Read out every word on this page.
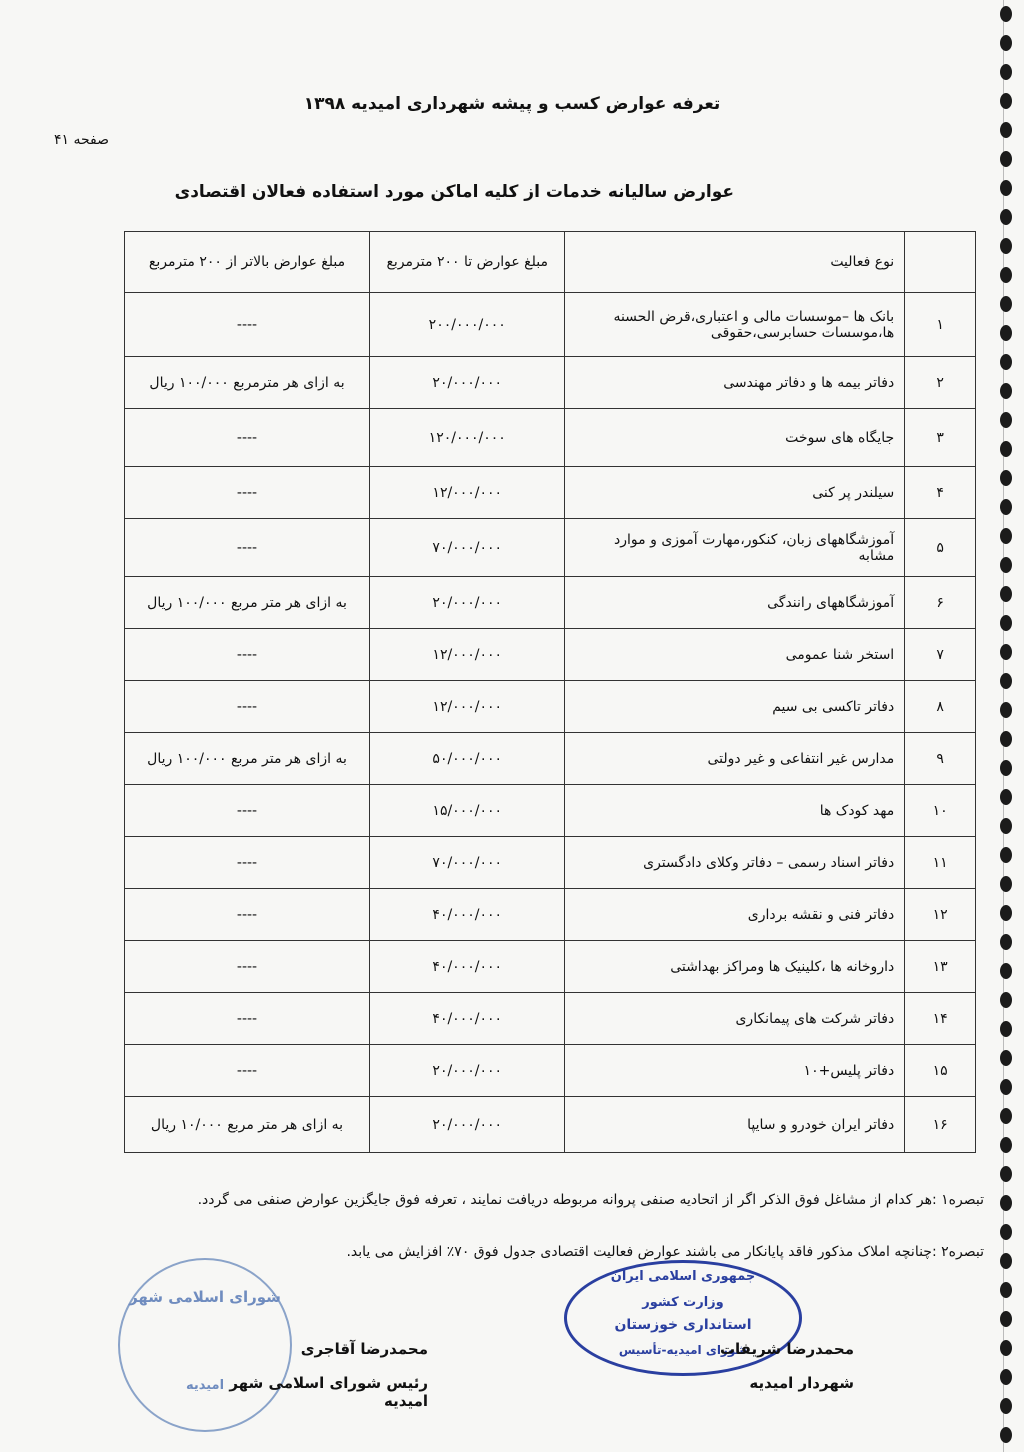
تعرفه عوارض کسب و پیشه شهرداری امیدیه ۱۳۹۸
صفحه ۴۱
عوارض سالیانه خدمات از کلیه اماکن مورد استفاده فعالان اقتصادی
	نوع فعالیت	مبلغ عوارض تا ۲۰۰ مترمربع	مبلغ عوارض بالاتر از ۲۰۰ مترمربع
۱	بانک ها –موسسات مالی و اعتباری،قرض الحسنه ها،موسسات حسابرسی،حقوقی	۲۰۰/۰۰۰/۰۰۰	----
۲	دفاتر بیمه ها و دفاتر مهندسی	۲۰/۰۰۰/۰۰۰	به ازای هر مترمربع ۱۰۰/۰۰۰ ریال
۳	جایگاه های سوخت	۱۲۰/۰۰۰/۰۰۰	----
۴	سیلندر پر کنی	۱۲/۰۰۰/۰۰۰	----
۵	آموزشگاههای زبان، کنکور،مهارت آموزی و موارد مشابه	۷۰/۰۰۰/۰۰۰	----
۶	آموزشگاههای رانندگی	۲۰/۰۰۰/۰۰۰	به ازای هر متر مربع ۱۰۰/۰۰۰ ریال
۷	استخر شنا عمومی	۱۲/۰۰۰/۰۰۰	----
۸	دفاتر تاکسی بی سیم	۱۲/۰۰۰/۰۰۰	----
۹	مدارس غیر انتفاعی و غیر دولتی	۵۰/۰۰۰/۰۰۰	به ازای هر متر مربع ۱۰۰/۰۰۰ ریال
۱۰	مهد کودک ها	۱۵/۰۰۰/۰۰۰	----
۱۱	دفاتر اسناد رسمی – دفاتر وکلای دادگستری	۷۰/۰۰۰/۰۰۰	----
۱۲	دفاتر فنی و نقشه برداری	۴۰/۰۰۰/۰۰۰	----
۱۳	داروخانه ها ،کلینیک ها ومراکز بهداشتی	۴۰/۰۰۰/۰۰۰	----
۱۴	دفاتر شرکت های پیمانکاری	۴۰/۰۰۰/۰۰۰	----
۱۵	دفاتر پلیس+۱۰	۲۰/۰۰۰/۰۰۰	----
۱۶	دفاتر ایران خودرو و سایپا	۲۰/۰۰۰/۰۰۰	به ازای هر متر مربع ۱۰/۰۰۰ ریال
تبصره۱ :هر کدام از مشاغل فوق الذکر اگر از اتحادیه صنفی پروانه مربوطه دریافت نمایند ، تعرفه فوق جایگزین عوارض صنفی می گردد.
تبصره۲ :چنانچه املاک مذکور فاقد پایانکار می باشند عوارض فعالیت اقتصادی جدول فوق ۷۰٪ افزایش می یابد.
شورای اسلامی شهر
امیدیه
جمهوری اسلامی ایران
وزارت کشور
استانداری خوزستان
شورای امیدیه-تأسیس
محمدرضا آقاجری
رئیس شورای اسلامی شهر امیدیه
محمدرضا شریفات
شهردار امیدیه
